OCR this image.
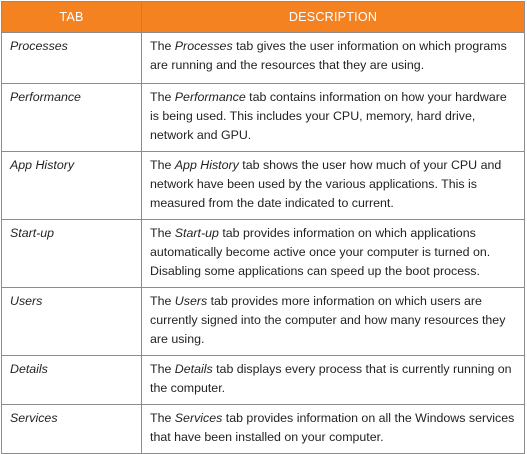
TAB	DESCRIPTION
Processes	The Processes tab gives the user information on which programs are running and the resources that they are using.
Performance	The Performance tab contains information on how your hardware is being used. This includes your CPU, memory, hard drive, network and GPU.
App History	The App History tab shows the user how much of your CPU and network have been used by the various applications. This is measured from the date indicated to current.
Start-up	The Start-up tab provides information on which applications automatically become active once your computer is turned on. Disabling some applications can speed up the boot process.
Users	The Users tab provides more information on which users are currently signed into the computer and how many resources they are using.
Details	The Details tab displays every process that is currently running on the computer.
Services	The Services tab provides information on all the Windows services that have been installed on your computer.
